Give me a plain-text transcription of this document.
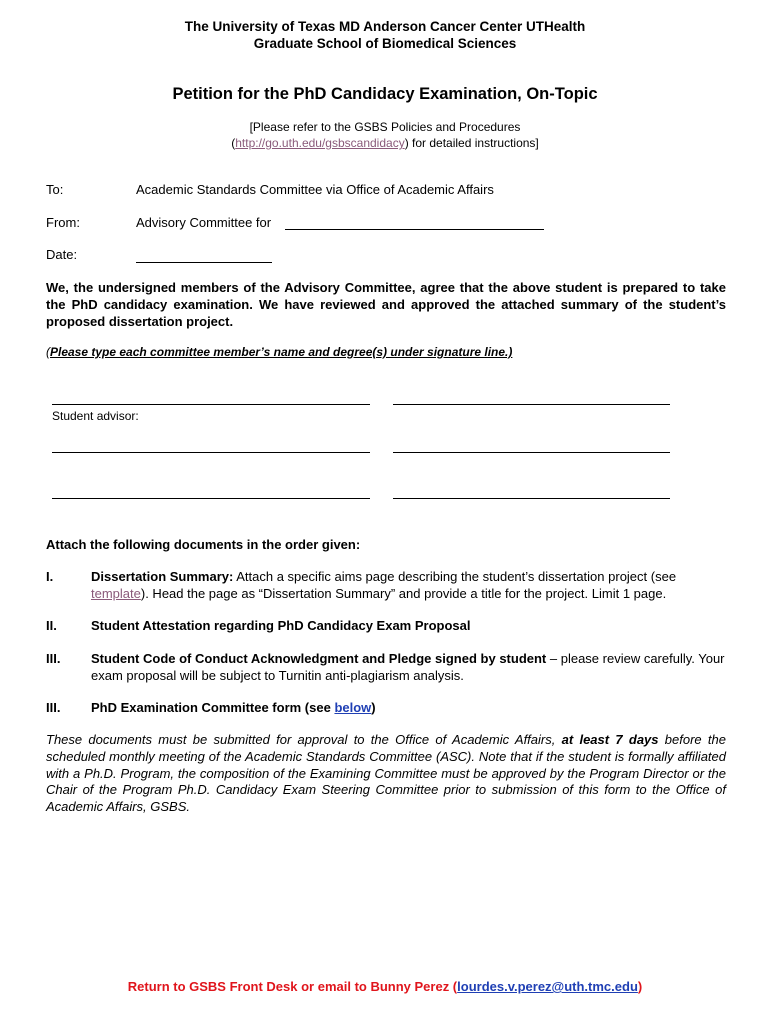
The University of Texas MD Anderson Cancer Center UTHealth
Graduate School of Biomedical Sciences
Petition for the PhD Candidacy Examination, On-Topic
[Please refer to the GSBS Policies and Procedures
(http://go.uth.edu/gsbscandidacy) for detailed instructions]
To:	Academic Standards Committee via Office of Academic Affairs
From:	Advisory Committee for
Date:
We, the undersigned members of the Advisory Committee, agree that the above student is prepared to take the PhD candidacy examination. We have reviewed and approved the attached summary of the student’s proposed dissertation project.
(Please type each committee member’s name and degree(s) under signature line.)
Student advisor:
Attach the following documents in the order given:
I.	Dissertation Summary: Attach a specific aims page describing the student’s dissertation project (see template). Head the page as “Dissertation Summary” and provide a title for the project. Limit 1 page.
II.	Student Attestation regarding PhD Candidacy Exam Proposal
III. Student Code of Conduct Acknowledgment and Pledge signed by student – please review carefully. Your exam proposal will be subject to Turnitin anti-plagiarism analysis.
III. PhD Examination Committee form (see below)
These documents must be submitted for approval to the Office of Academic Affairs, at least 7 days before the scheduled monthly meeting of the Academic Standards Committee (ASC). Note that if the student is formally affiliated with a Ph.D. Program, the composition of the Examining Committee must be approved by the Program Director or the Chair of the Program Ph.D. Candidacy Exam Steering Committee prior to submission of this form to the Office of Academic Affairs, GSBS.
Return to GSBS Front Desk or email to Bunny Perez (lourdes.v.perez@uth.tmc.edu)
